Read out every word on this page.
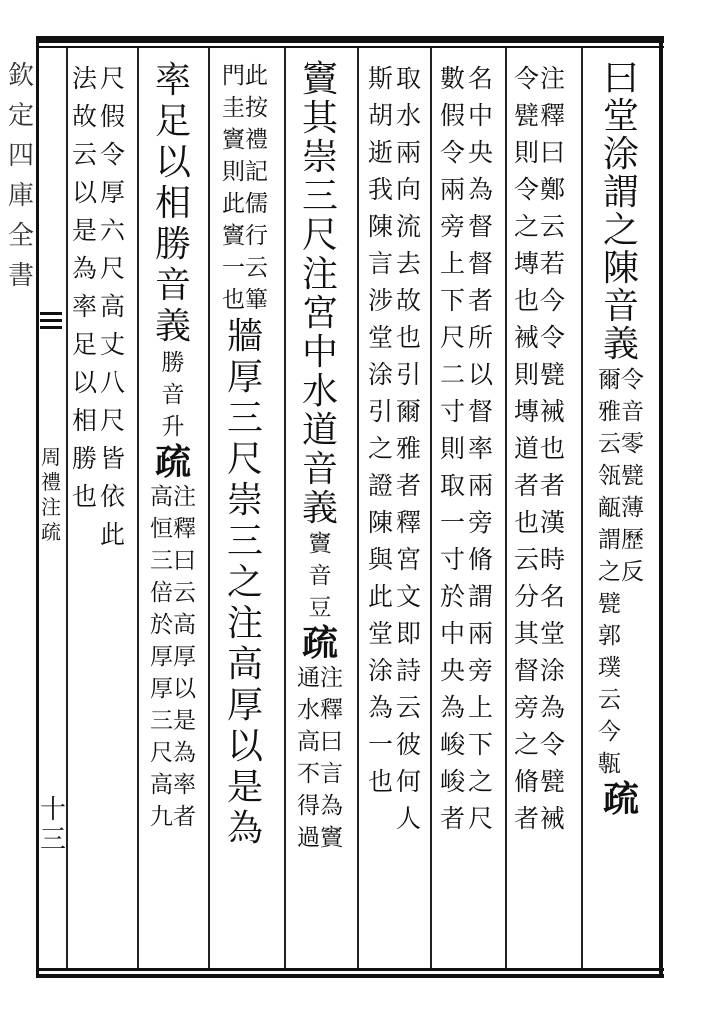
欽
定
四
庫
全
書
周
禮
注
疏
十
三
曰
堂
涂
謂
之
陳
音
義
令
音
零
甓
薄
歷
反
爾
雅
云
瓴
甋
謂
之
甓
郭
璞
云
今
甎
疏
注
釋
曰
鄭
云
若
今
令
甓
裓
也
者
漢
時
名
堂
涂
為
令
甓
裓
令
甓
則
令
之
塼
也
裓
則
塼
道
者
也
云
分
其
督
旁
之
脩
者
名
中
央
為
督
督
者
所
以
督
率
兩
旁
脩
謂
兩
旁
上
下
之
尺
數
假
令
兩
旁
上
下
尺
二
寸
則
取
一
寸
於
中
央
為
峻
峻
者
取
水
兩
向
流
去
故
也
引
爾
雅
者
釋
宮
文
即
詩
云
彼
何
人
斯
胡
逝
我
陳
言
涉
堂
涂
引
之
證
陳
與
此
堂
涂
為
一
也
竇
其
崇
三
尺
注
宮
中
水
道
音
義
竇
音
豆
疏
注
釋
曰
言
為
竇
通
水
高
不
得
過
此
按
禮
記
儒
行
云
篳
門
圭
竇
則
此
竇
一
也
牆
厚
三
尺
崇
三
之
注
高
厚
以
是
為
率
足
以
相
勝
音
義
勝
音
升
疏
注
釋
曰
云
高
厚
以
是
為
率
者
高
恒
三
倍
於
厚
厚
三
尺
高
九
尺
假
令
厚
六
尺
高
丈
八
尺
皆
依
此
法
故
云
以
是
為
率
足
以
相
勝
也
